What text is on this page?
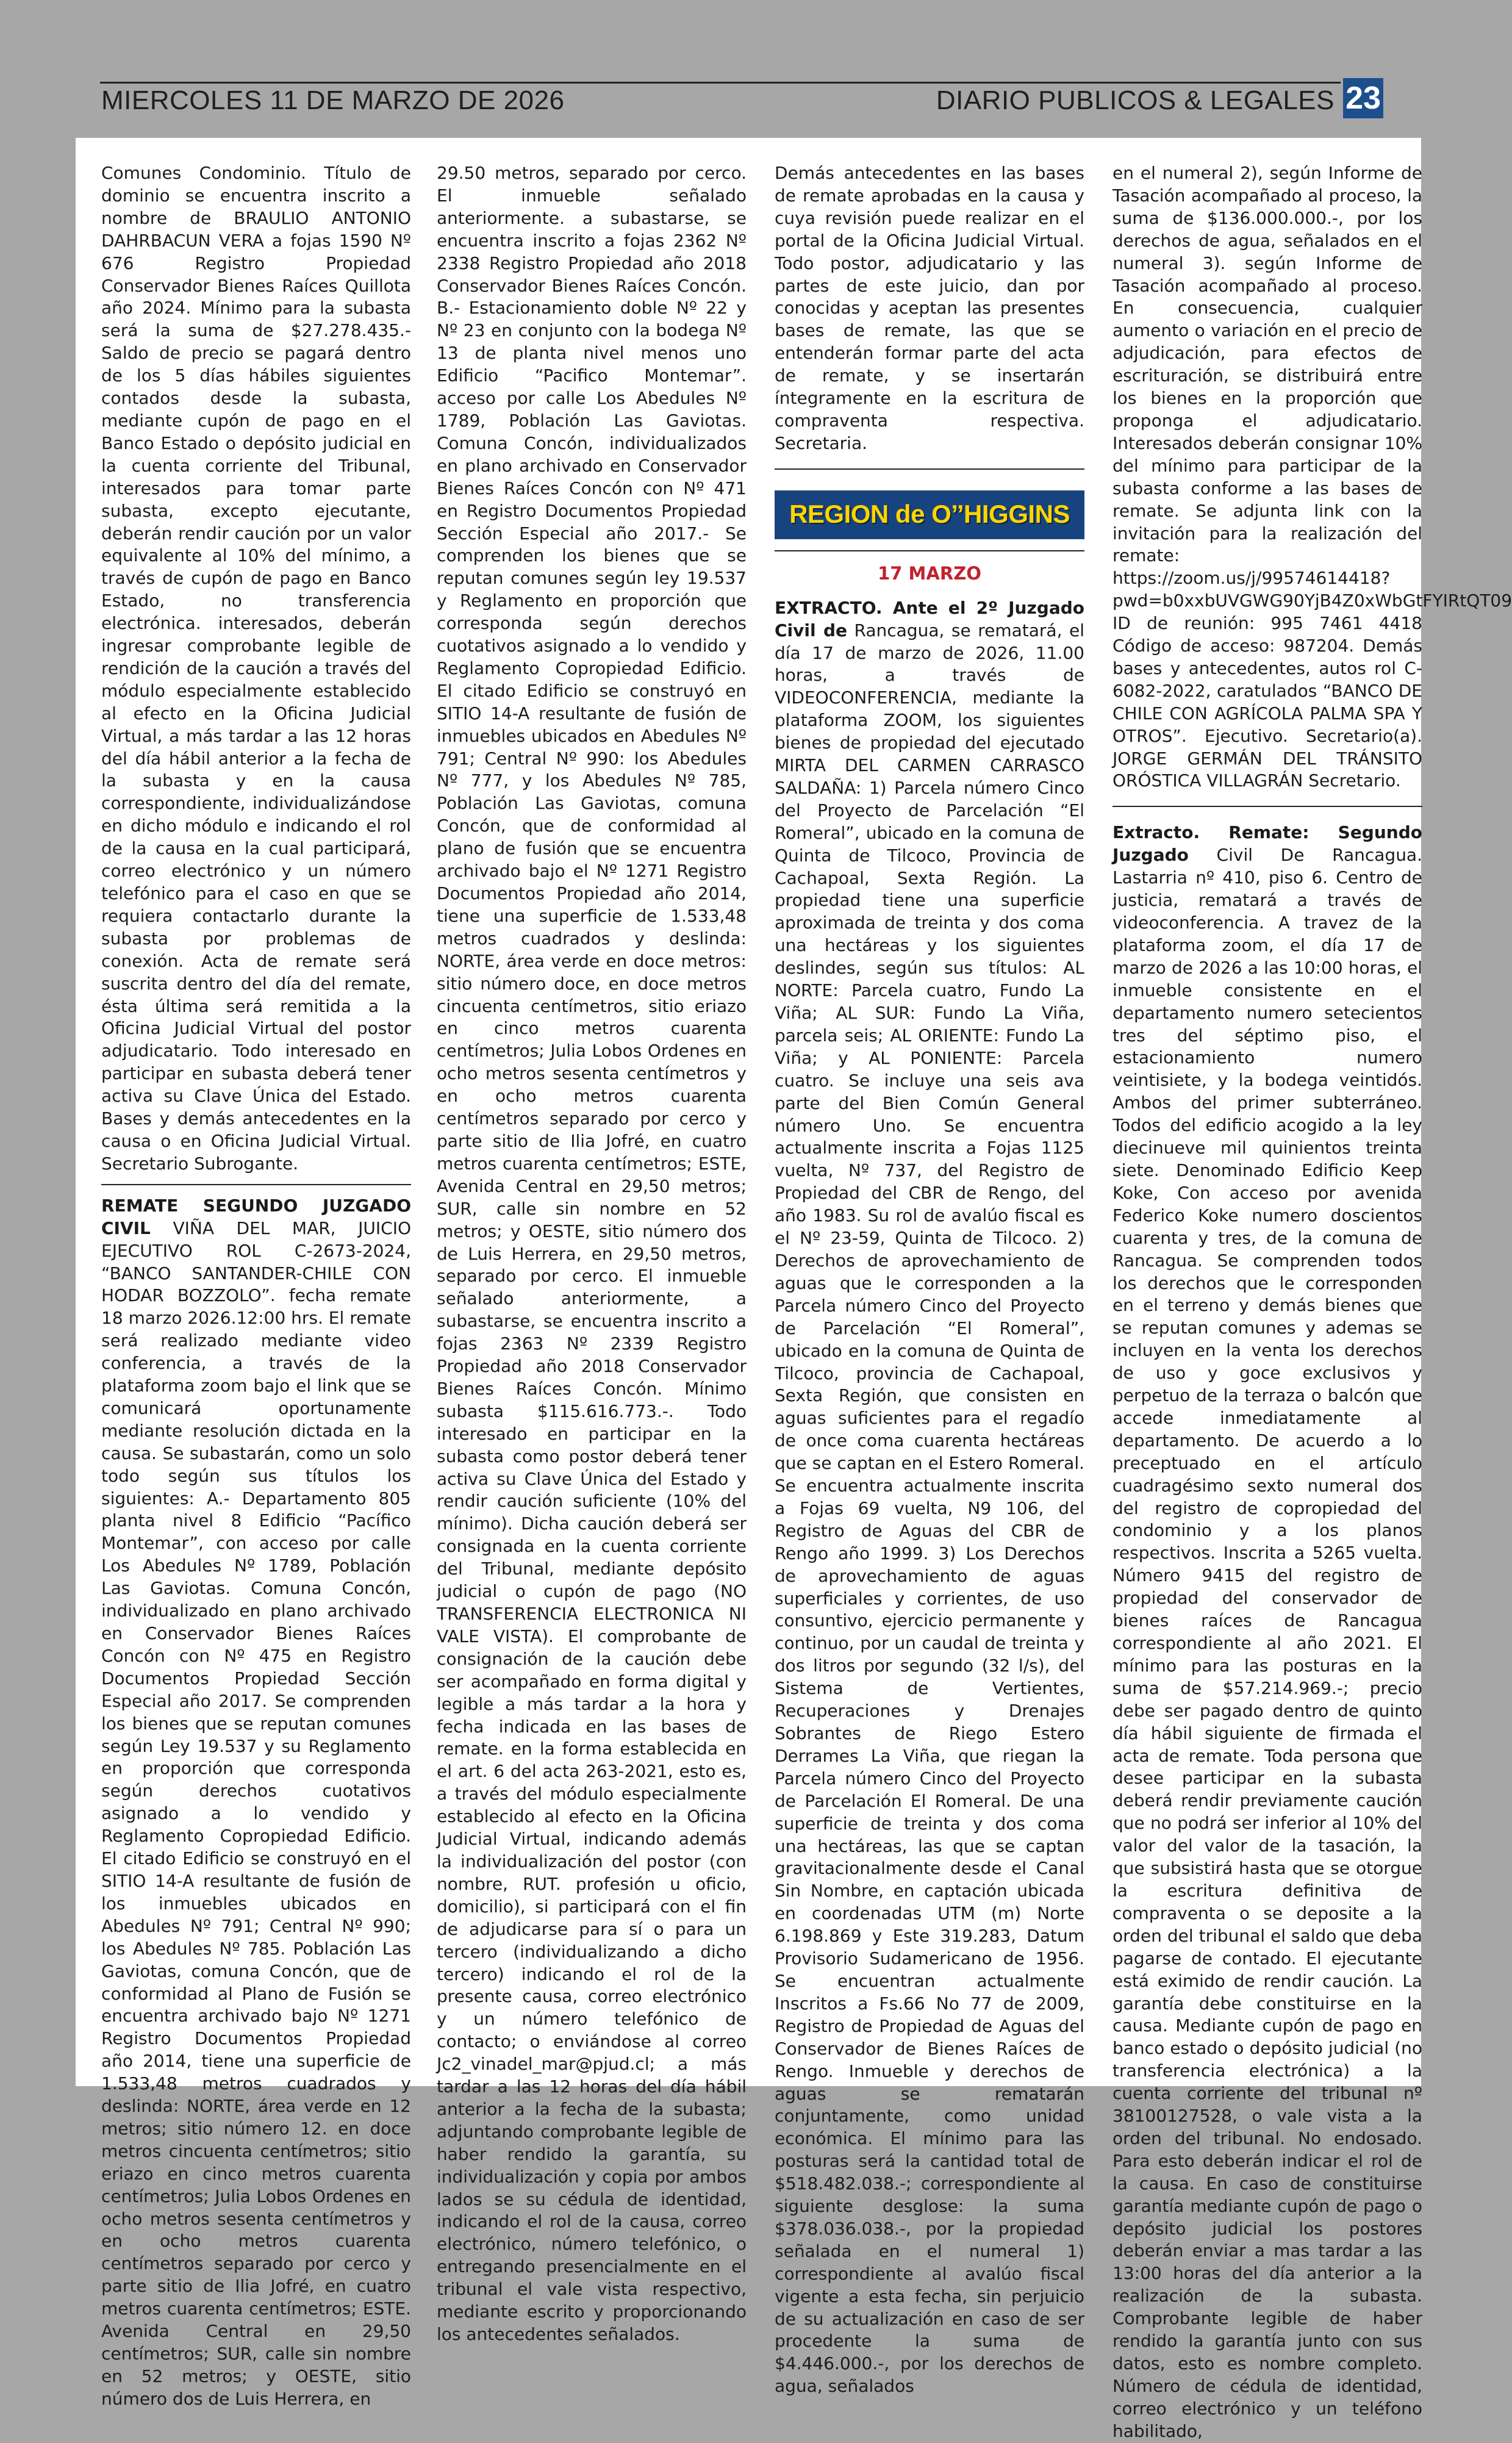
MIERCOLES 11 DE MARZO DE 2026	DIARIO PUBLICOS & LEGALES 23

Comunes Condominio. Título de dominio se encuentra inscrito a nombre de BRAULIO ANTONIO DAHRBACUN VERA a fojas 1590 Nº 676 Registro Propiedad Conservador Bienes Raíces Quillota año 2024. Mínimo para la subasta será la suma de $27.278.435.- Saldo de precio se pagará dentro de los 5 días hábiles siguientes contados desde la subasta, mediante cupón de pago en el Banco Estado o depósito judicial en la cuenta corriente del Tribunal, interesados para tomar parte subasta, excepto ejecutante, deberán rendir caución por un valor equivalente al 10% del mínimo, a través de cupón de pago en Banco Estado, no transferencia electrónica. interesados, deberán ingresar comprobante legible de rendición de la caución a través del módulo especialmente establecido al efecto en la Oficina Judicial Virtual, a más tardar a las 12 horas del día hábil anterior a la fecha de la subasta y en la causa correspondiente, individualizándose en dicho módulo e indicando el rol de la causa en la cual participará, correo electrónico y un número telefónico para el caso en que se requiera contactarlo durante la subasta por problemas de conexión. Acta de remate será suscrita dentro del día del remate, ésta última será remitida a la Oficina Judicial Virtual del postor adjudicatario. Todo interesado en participar en subasta deberá tener activa su Clave Única del Estado. Bases y demás antecedentes en la causa o en Oficina Judicial Virtual. Secretario Subrogante.

REMATE SEGUNDO JUZGADO CIVIL VIÑA DEL MAR, JUICIO EJECUTIVO ROL C-2673-2024, “BANCO SANTANDER-CHILE CON HODAR BOZZOLO”. fecha remate 18 marzo 2026.12:00 hrs. El remate será realizado mediante video conferencia, a través de la plataforma zoom bajo el link que se comunicará oportunamente mediante resolución dictada en la causa. Se subastarán, como un solo todo según sus títulos los siguientes: A.- Departamento 805 planta nivel 8 Edificio “Pacífico Montemar”, con acceso por calle Los Abedules Nº 1789, Población Las Gaviotas. Comuna Concón, individualizado en plano archivado en Conservador Bienes Raíces Concón con Nº 475 en Registro Documentos Propiedad Sección Especial año 2017. Se comprenden los bienes que se reputan comunes según Ley 19.537 y su Reglamento en proporción que corresponda según derechos cuotativos asignado a lo vendido y Reglamento Copropiedad Edificio. El citado Edificio se construyó en el SITIO 14-A resultante de fusión de los inmuebles ubicados en Abedules Nº 791; Central Nº 990; los Abedules Nº 785. Población Las Gaviotas, comuna Concón, que de conformidad al Plano de Fusión se encuentra archivado bajo Nº 1271 Registro Documentos Propiedad año 2014, tiene una superficie de 1.533,48 metros cuadrados y deslinda: NORTE, área verde en 12 metros; sitio número 12. en doce metros cincuenta centímetros; sitio eriazo en cinco metros cuarenta centímetros; Julia Lobos Ordenes en ocho metros sesenta centímetros y en ocho metros cuarenta centímetros separado por cerco y parte sitio de Ilia Jofré, en cuatro metros cuarenta centímetros; ESTE. Avenida Central en 29,50 centímetros; SUR, calle sin nombre en 52 metros; y OESTE, sitio número dos de Luis Herrera, en

29.50 metros, separado por cerco. El inmueble señalado anteriormente. a subastarse, se encuentra inscrito a fojas 2362 Nº 2338 Registro Propiedad año 2018 Conservador Bienes Raíces Concón. B.- Estacionamiento doble Nº 22 y Nº 23 en conjunto con la bodega Nº 13 de planta nivel menos uno Edificio “Pacifico Montemar”. acceso por calle Los Abedules Nº 1789, Población Las Gaviotas. Comuna Concón, individualizados en plano archivado en Conservador Bienes Raíces Concón con Nº 471 en Registro Documentos Propiedad Sección Especial año 2017.- Se comprenden los bienes que se reputan comunes según ley 19.537 y Reglamento en proporción que corresponda según derechos cuotativos asignado a lo vendido y Reglamento Copropiedad Edificio. El citado Edificio se construyó en SITIO 14-A resultante de fusión de inmuebles ubicados en Abedules Nº 791; Central Nº 990: los Abedules Nº 777, y los Abedules Nº 785, Población Las Gaviotas, comuna Concón, que de conformidad al plano de fusión que se encuentra archivado bajo el Nº 1271 Registro Documentos Propiedad año 2014, tiene una superficie de 1.533,48 metros cuadrados y deslinda: NORTE, área verde en doce metros: sitio número doce, en doce metros cincuenta centímetros, sitio eriazo en cinco metros cuarenta centímetros; Julia Lobos Ordenes en ocho metros sesenta centímetros y en ocho metros cuarenta centímetros separado por cerco y parte sitio de Ilia Jofré, en cuatro metros cuarenta centímetros; ESTE, Avenida Central en 29,50 metros; SUR, calle sin nombre en 52 metros; y OESTE, sitio número dos de Luis Herrera, en 29,50 metros, separado por cerco. El inmueble señalado anteriormente, a subastarse, se encuentra inscrito a fojas 2363 Nº 2339 Registro Propiedad año 2018 Conservador Bienes Raíces Concón. Mínimo subasta $115.616.773.-. Todo interesado en participar en la subasta como postor deberá tener activa su Clave Única del Estado y rendir caución suficiente (10% del mínimo). Dicha caución deberá ser consignada en la cuenta corriente del Tribunal, mediante depósito judicial o cupón de pago (NO TRANSFERENCIA ELECTRONICA NI VALE VISTA). El comprobante de consignación de la caución debe ser acompañado en forma digital y legible a más tardar a la hora y fecha indicada en las bases de remate. en la forma establecida en el art. 6 del acta 263-2021, esto es, a través del módulo especialmente establecido al efecto en la Oficina Judicial Virtual, indicando además la individualización del postor (con nombre, RUT. profesión u oficio, domicilio), si participará con el fin de adjudicarse para sí o para un tercero (individualizando a dicho tercero) indicando el rol de la presente causa, correo electrónico y un número telefónico de contacto; o enviándose al correo Jc2_vinadel_mar@pjud.cl; a más tardar a las 12 horas del día hábil anterior a la fecha de la subasta; adjuntando comprobante legible de haber rendido la garantía, su individualización y copia por ambos lados se su cédula de identidad, indicando el rol de la causa, correo electrónico, número telefónico, o entregando presencialmente en el tribunal el vale vista respectivo, mediante escrito y proporcionando los antecedentes señalados.

Demás antecedentes en las bases de remate aprobadas en la causa y cuya revisión puede realizar en el portal de la Oficina Judicial Virtual. Todo postor, adjudicatario y las partes de este juicio, dan por conocidas y aceptan las presentes bases de remate, las que se entenderán formar parte del acta de remate, y se insertarán íntegramente en la escritura de compraventa respectiva. Secretaria.

REGION de O’’HIGGINS
17 MARZO

EXTRACTO. Ante el 2º Juzgado Civil de Rancagua, se rematará, el día 17 de marzo de 2026, 11.00 horas, a través de VIDEOCONFERENCIA, mediante la plataforma ZOOM, los siguientes bienes de propiedad del ejecutado MIRTA DEL CARMEN CARRASCO SALDAÑA: 1) Parcela número Cinco del Proyecto de Parcelación “El Romeral”, ubicado en la comuna de Quinta de Tilcoco, Provincia de Cachapoal, Sexta Región. La propiedad tiene una superficie aproximada de treinta y dos coma una hectáreas y los siguientes deslindes, según sus títulos: AL NORTE: Parcela cuatro, Fundo La Viña; AL SUR: Fundo La Viña, parcela seis; AL ORIENTE: Fundo La Viña; y AL PONIENTE: Parcela cuatro. Se incluye una seis ava parte del Bien Común General número Uno. Se encuentra actualmente inscrita a Fojas 1125 vuelta, Nº 737, del Registro de Propiedad del CBR de Rengo, del año 1983. Su rol de avalúo fiscal es el Nº 23-59, Quinta de Tilcoco. 2) Derechos de aprovechamiento de aguas que le corresponden a la Parcela número Cinco del Proyecto de Parcelación “El Romeral”, ubicado en la comuna de Quinta de Tilcoco, provincia de Cachapoal, Sexta Región, que consisten en aguas suficientes para el regadío de once coma cuarenta hectáreas que se captan en el Estero Romeral. Se encuentra actualmente inscrita a Fojas 69 vuelta, N9 106, del Registro de Aguas del CBR de Rengo año 1999. 3) Los Derechos de aprovechamiento de aguas superficiales y corrientes, de uso consuntivo, ejercicio permanente y continuo, por un caudal de treinta y dos litros por segundo (32 l/s), del Sistema de Vertientes, Recuperaciones y Drenajes Sobrantes de Riego Estero Derrames La Viña, que riegan la Parcela número Cinco del Proyecto de Parcelación El Romeral. De una superficie de treinta y dos coma una hectáreas, las que se captan gravitacionalmente desde el Canal Sin Nombre, en captación ubicada en coordenadas UTM (m) Norte 6.198.869 y Este 319.283, Datum Provisorio Sudamericano de 1956. Se encuentran actualmente Inscritos a Fs.66 No 77 de 2009, Registro de Propiedad de Aguas del Conservador de Bienes Raíces de Rengo. Inmueble y derechos de aguas se rematarán conjuntamente, como unidad económica. El mínimo para las posturas será la cantidad total de $518.482.038.-; correspondiente al siguiente desglose: la suma $378.036.038.-, por la propiedad señalada en el numeral 1) correspondiente al avalúo fiscal vigente a esta fecha, sin perjuicio de su actualización en caso de ser procedente la suma de $4.446.000.-, por los derechos de agua, señalados

en el numeral 2), según Informe de Tasación acompañado al proceso, la suma de $136.000.000.-, por los derechos de agua, señalados en el numeral 3). según Informe de Tasación acompañado al proceso. En consecuencia, cualquier aumento o variación en el precio de adjudicación, para efectos de escrituración, se distribuirá entre los bienes en la proporción que proponga el adjudicatario. Interesados deberán consignar 10% del mínimo para participar de la subasta conforme a las bases de remate. Se adjunta link con la invitación para la realización del remate: https://zoom.us/j/99574614418?pwd=b0xxbUVGWG90YjB4Z0xWbGtFYIRtQT09 ID de reunión: 995 7461 4418 Código de acceso: 987204. Demás bases y antecedentes, autos rol C-6082-2022, caratulados “BANCO DE CHILE CON AGRÍCOLA PALMA SPA Y OTROS”. Ejecutivo. Secretario(a). JORGE GERMÁN DEL TRÁNSITO ORÓSTICA VILLAGRÁN Secretario.

Extracto. Remate: Segundo Juzgado Civil De Rancagua. Lastarria nº 410, piso 6. Centro de justicia, rematará a través de videoconferencia. A travez de la plataforma zoom, el día 17 de marzo de 2026 a las 10:00 horas, el inmueble consistente en el departamento numero setecientos tres del séptimo piso, el estacionamiento numero veintisiete, y la bodega veintidós. Ambos del primer subterráneo. Todos del edificio acogido a la ley diecinueve mil quinientos treinta siete. Denominado Edificio Keep Koke, Con acceso por avenida Federico Koke numero doscientos cuarenta y tres, de la comuna de Rancagua. Se comprenden todos los derechos que le corresponden en el terreno y demás bienes que se reputan comunes y ademas se incluyen en la venta los derechos de uso y goce exclusivos y perpetuo de la terraza o balcón que accede inmediatamente al departamento. De acuerdo a lo preceptuado en el artículo cuadragésimo sexto numeral dos del registro de copropiedad del condominio y a los planos respectivos. Inscrita a 5265 vuelta. Número 9415 del registro de propiedad del conservador de bienes raíces de Rancagua correspondiente al año 2021. El mínimo para las posturas en la suma de $57.214.969.-; precio debe ser pagado dentro de quinto día hábil siguiente de firmada el acta de remate. Toda persona que desee participar en la subasta deberá rendir previamente caución que no podrá ser inferior al 10% del valor del valor de la tasación, la que subsistirá hasta que se otorgue la escritura definitiva de compraventa o se deposite a la orden del tribunal el saldo que deba pagarse de contado. El ejecutante está eximido de rendir caución. La garantía debe constituirse en la causa. Mediante cupón de pago en banco estado o depósito judicial (no transferencia electrónica) a la cuenta corriente del tribunal nº 38100127528, o vale vista a la orden del tribunal. No endosado. Para esto deberán indicar el rol de la causa. En caso de constituirse garantía mediante cupón de pago o depósito judicial los postores deberán enviar a mas tardar a las 13:00 horas del día anterior a la realización de la subasta. Comprobante legible de haber rendido la garantía junto con sus datos, esto es nombre completo. Número de cédula de identidad, correo electrónico y un teléfono habilitado,
